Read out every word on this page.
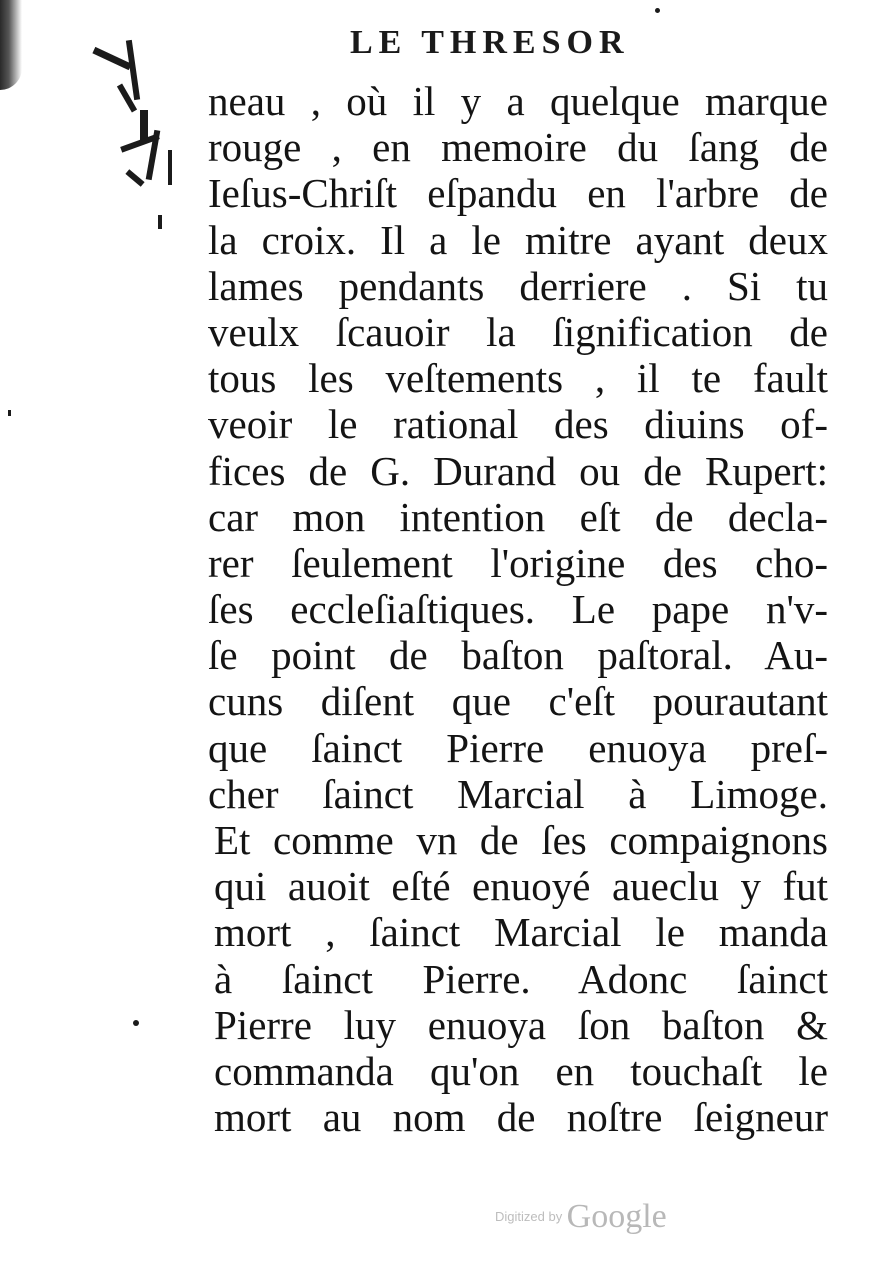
LE THRESOR
neau , où il y a quelque marque
rouge , en memoire du ſang de
Ieſus-Chriſt eſpandu en l'arbre de
la croix. Il a le mitre ayant deux
lames pendants derriere . Si tu
veulx ſcauoir la ſignification de
tous les veſtements , il te fault
veoir le rational des diuins of-
fices de G. Durand ou de Rupert:
car mon intention eſt de decla-
rer ſeulement l'origine des cho-
ſes eccleſiaſtiques. Le pape n'v-
ſe point de baſton paſtoral. Au-
cuns diſent que c'eſt pourautant
que ſainct Pierre enuoya preſ-
cher ſainct Marcial à Limoge.
Et comme vn de ſes compaignons
qui auoit eſté enuoyé aueclu y fut
mort , ſainct Marcial le manda
à ſainct Pierre. Adonc ſainct
Pierre luy enuoya ſon baſton &
commanda qu'on en touchaſt le
mort au nom de noſtre ſeigneur
$^{Digitized by}$ Google
